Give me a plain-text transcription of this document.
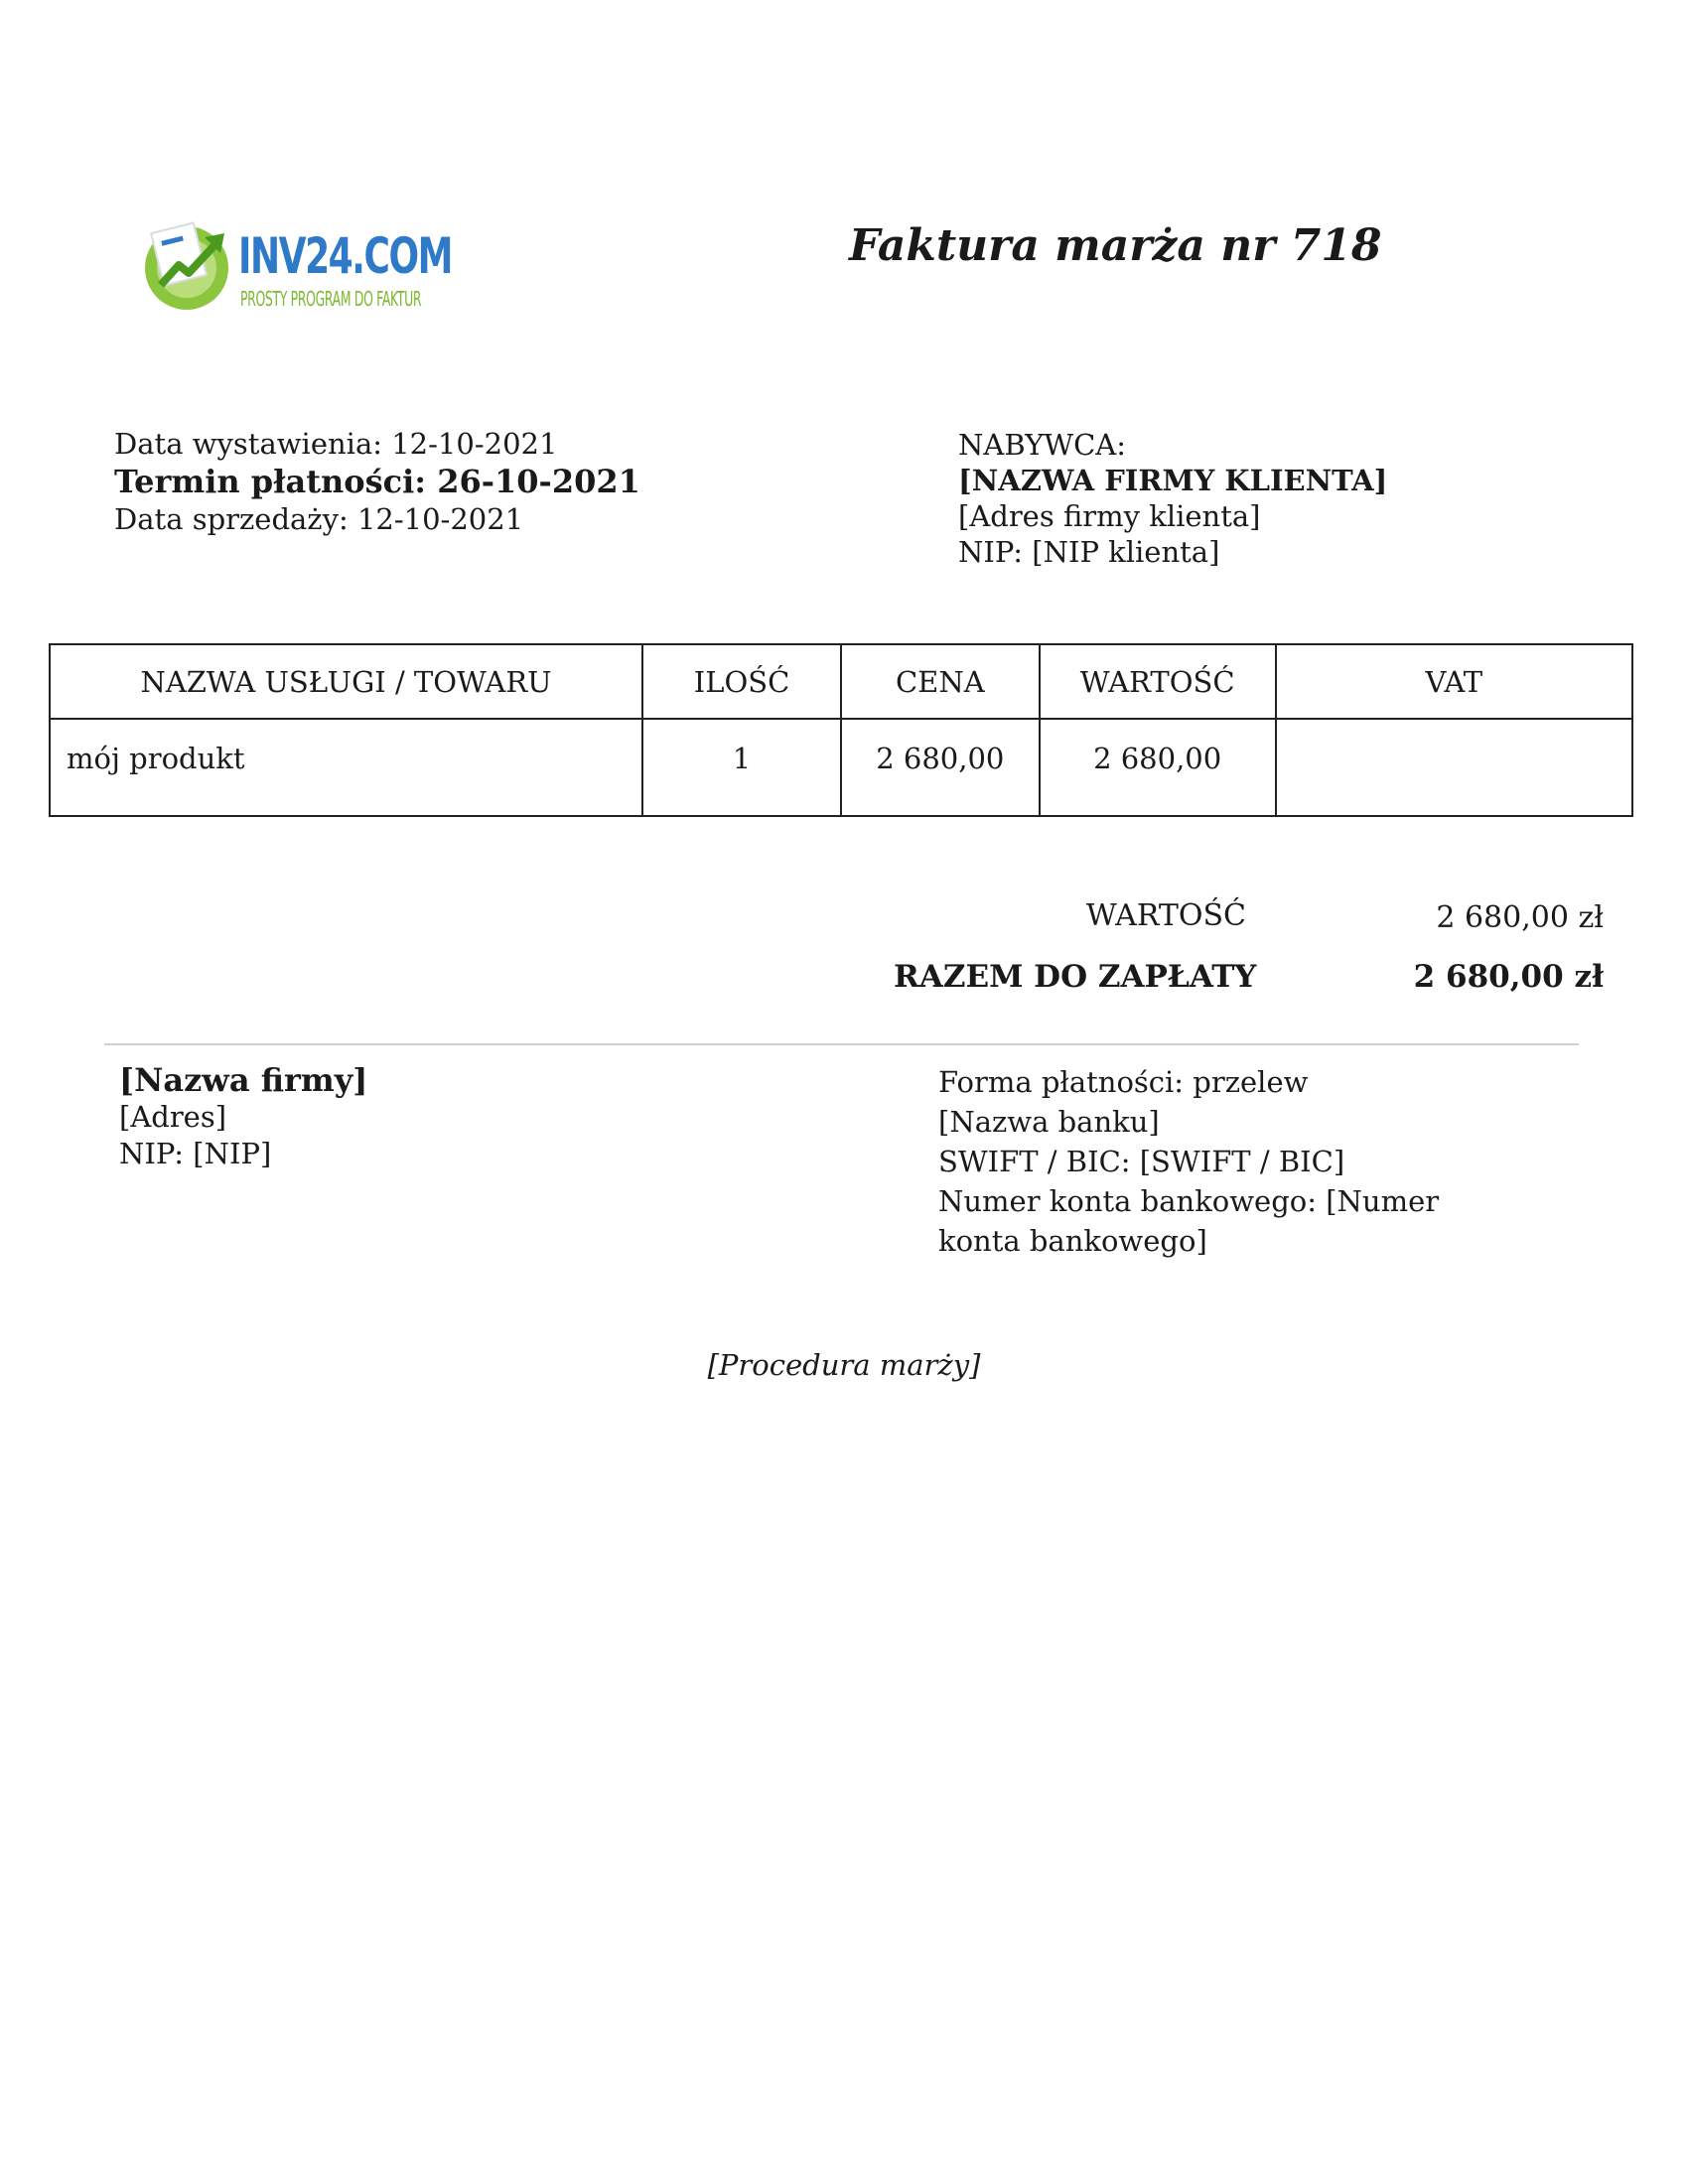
INV24.COM
PROSTY PROGRAM DO FAKTUR
Faktura marża nr 718
Data wystawienia: 12-10-2021
Termin płatności: 26-10-2021
Data sprzedaży: 12-10-2021
NABYWCA:
[NAZWA FIRMY KLIENTA]
[Adres firmy klienta]
NIP: [NIP klienta]
NAZWA USŁUGI / TOWARU	ILOŚĆ	CENA	WARTOŚĆ	VAT
mój produkt	1	2 680,00	2 680,00	
WARTOŚĆ	2 680,00 zł
RAZEM DO ZAPŁATY	2 680,00 zł
[Nazwa firmy]
[Adres]
NIP: [NIP]
Forma płatności: przelew
[Nazwa banku]
SWIFT / BIC: [SWIFT / BIC]
Numer konta bankowego: [Numer konta bankowego]
[Procedura marży]
